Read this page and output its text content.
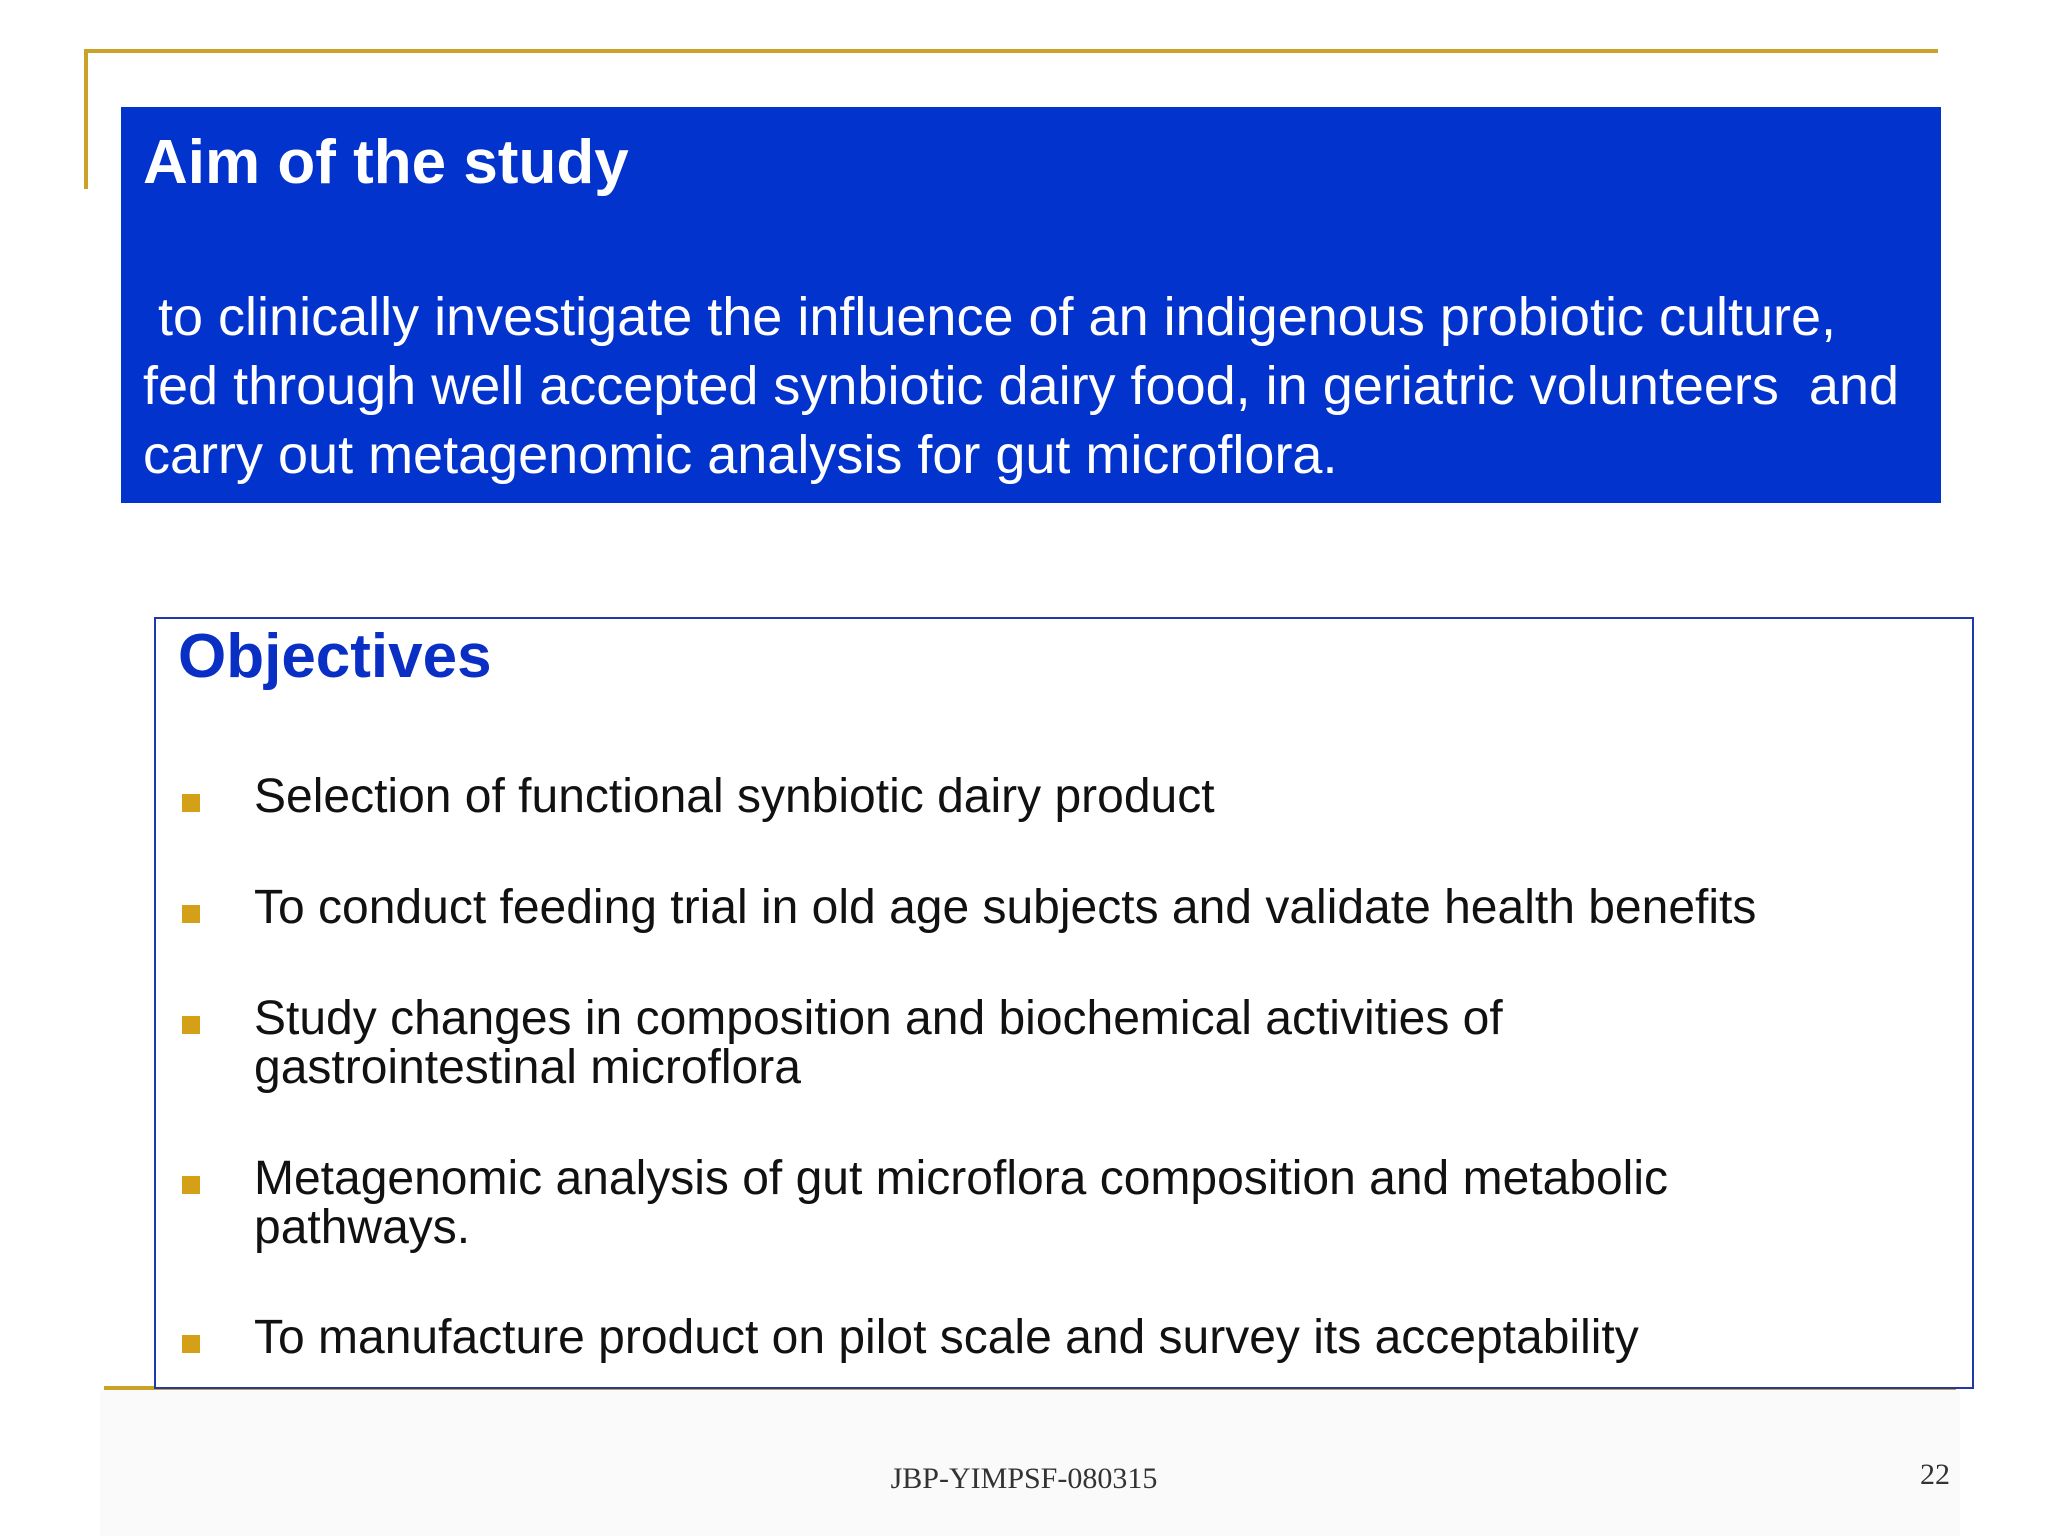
Aim of the study
to clinically investigate the influence of an indigenous probiotic culture, fed through well accepted synbiotic dairy food, in geriatric volunteers  and carry out metagenomic analysis for gut microflora.
Objectives
Selection of functional synbiotic dairy product
To conduct feeding trial in old age subjects and validate health benefits
Study changes in composition and biochemical activities of gastrointestinal microflora
Metagenomic analysis of gut microflora composition and metabolic pathways.
To manufacture product on pilot scale and survey its acceptability
JBP-YIMPSF-080315	22
